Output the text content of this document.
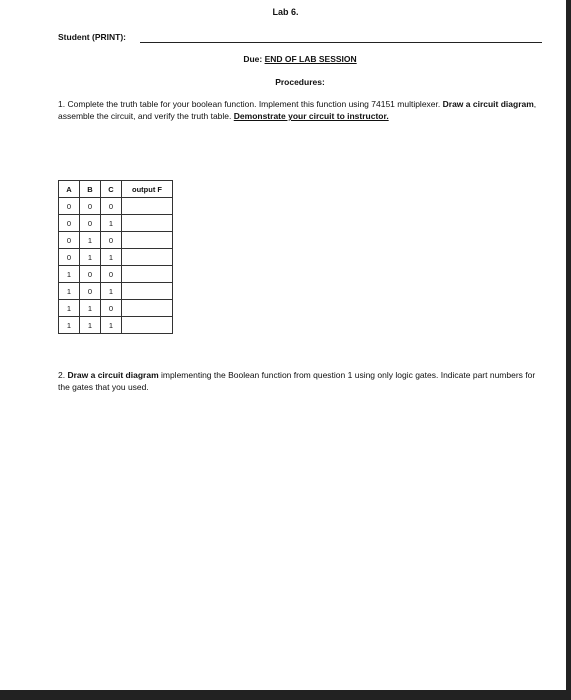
Lab 6.
Student (PRINT):
Due: END OF LAB SESSION
Procedures:
1. Complete the truth table for your boolean function. Implement this function using 74151 multiplexer. Draw a circuit diagram, assemble the circuit, and verify the truth table. Demonstrate your circuit to instructor.
A	B	C	output F
0	0	0	
0	0	1	
0	1	0	
0	1	1	
1	0	0	
1	0	1	
1	1	0	
1	1	1	
2. Draw a circuit diagram implementing the Boolean function from question 1 using only logic gates. Indicate part numbers for the gates that you used.
